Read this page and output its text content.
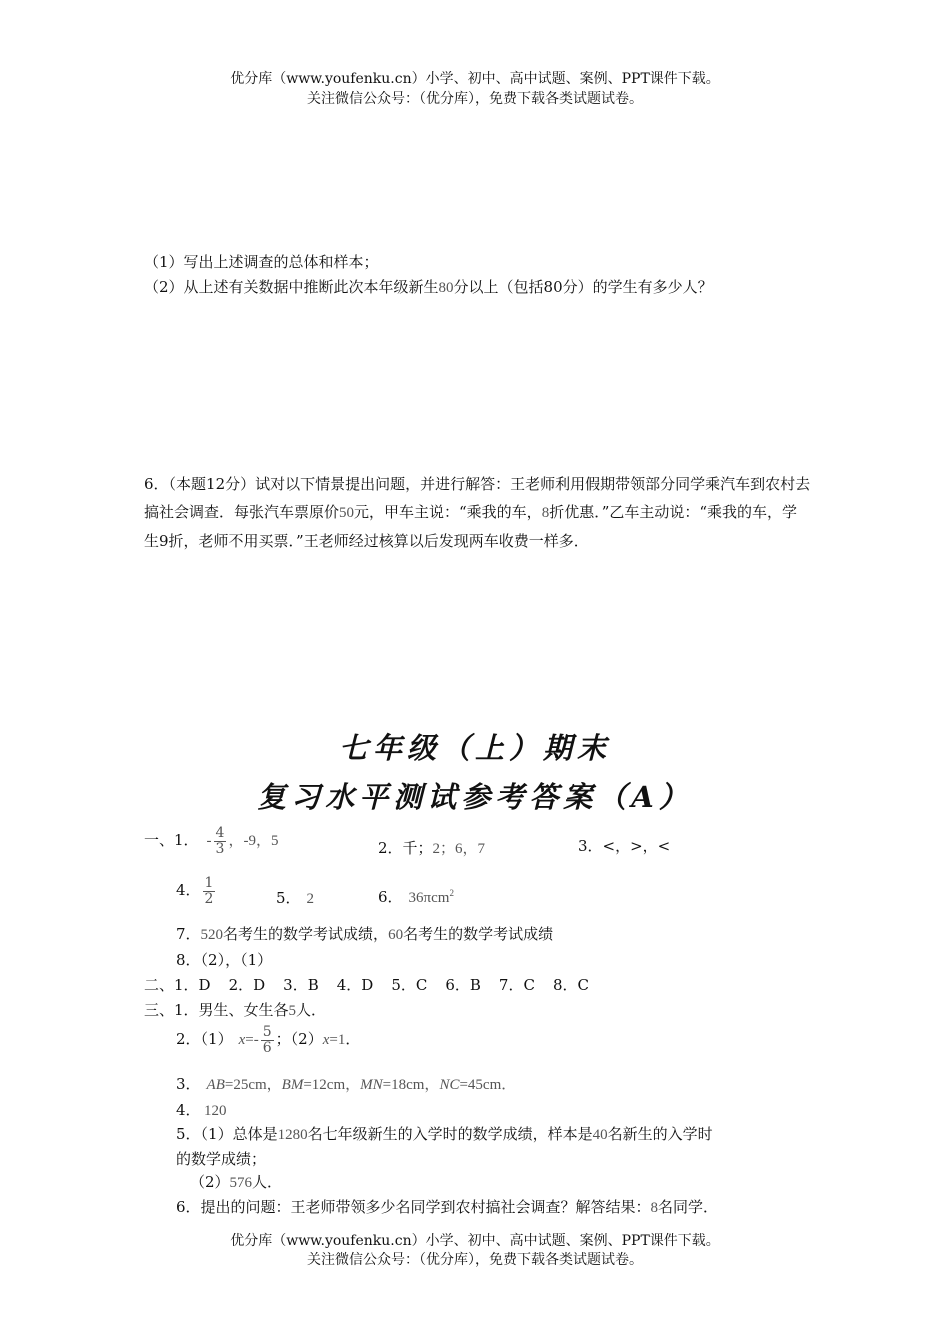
优分库（www.youfenku.cn）小学、初中、高中试题、案例、PPT课件下载。
关注微信公众号：（优分库），免费下载各类试题试卷。
（1）写出上述调查的总体和样本；
（2）从上述有关数据中推断此次本年级新生80分以上（包括80分）的学生有多少人？
6．（本题12分）试对以下情景提出问题，并进行解答：王老师利用假期带领部分同学乘汽车到农村去搞社会调查．每张汽车票原价50元，甲车主说：“乘我的车，8折优惠．”乙车主动说：“乘我的车，学生9折，老师不用买票．”王老师经过核算以后发现两车收费一样多．
七年级（上）期末
复习水平测试参考答案（A）
一、1． - $\frac{4}{3}$ ，-9，5	2．千；2；6，7	3．<，>，<
4． $\frac{1}{2}$	5． 2	6． 36πcm$^2$
7．520名考生的数学考试成绩，60名考生的数学考试成绩
8．（2），（1）
二、1．D 2．D 3．B 4．D 5．C 6．B 7．C 8．C
三、1．男生、女生各5人．
2．（1） $x=- \frac{5}{6}$ ；（2）x=1．
3． AB=25cm，BM=12cm，MN=18cm，NC=45cm．
4． 120
5．（1）总体是1280名七年级新生的入学时的数学成绩，样本是40名新生的入学时
的数学成绩；
（2）576人．
6．提出的问题：王老师带领多少名同学到农村搞社会调查？解答结果：8名同学．
优分库（www.youfenku.cn）小学、初中、高中试题、案例、PPT课件下载。
关注微信公众号：（优分库），免费下载各类试题试卷。
